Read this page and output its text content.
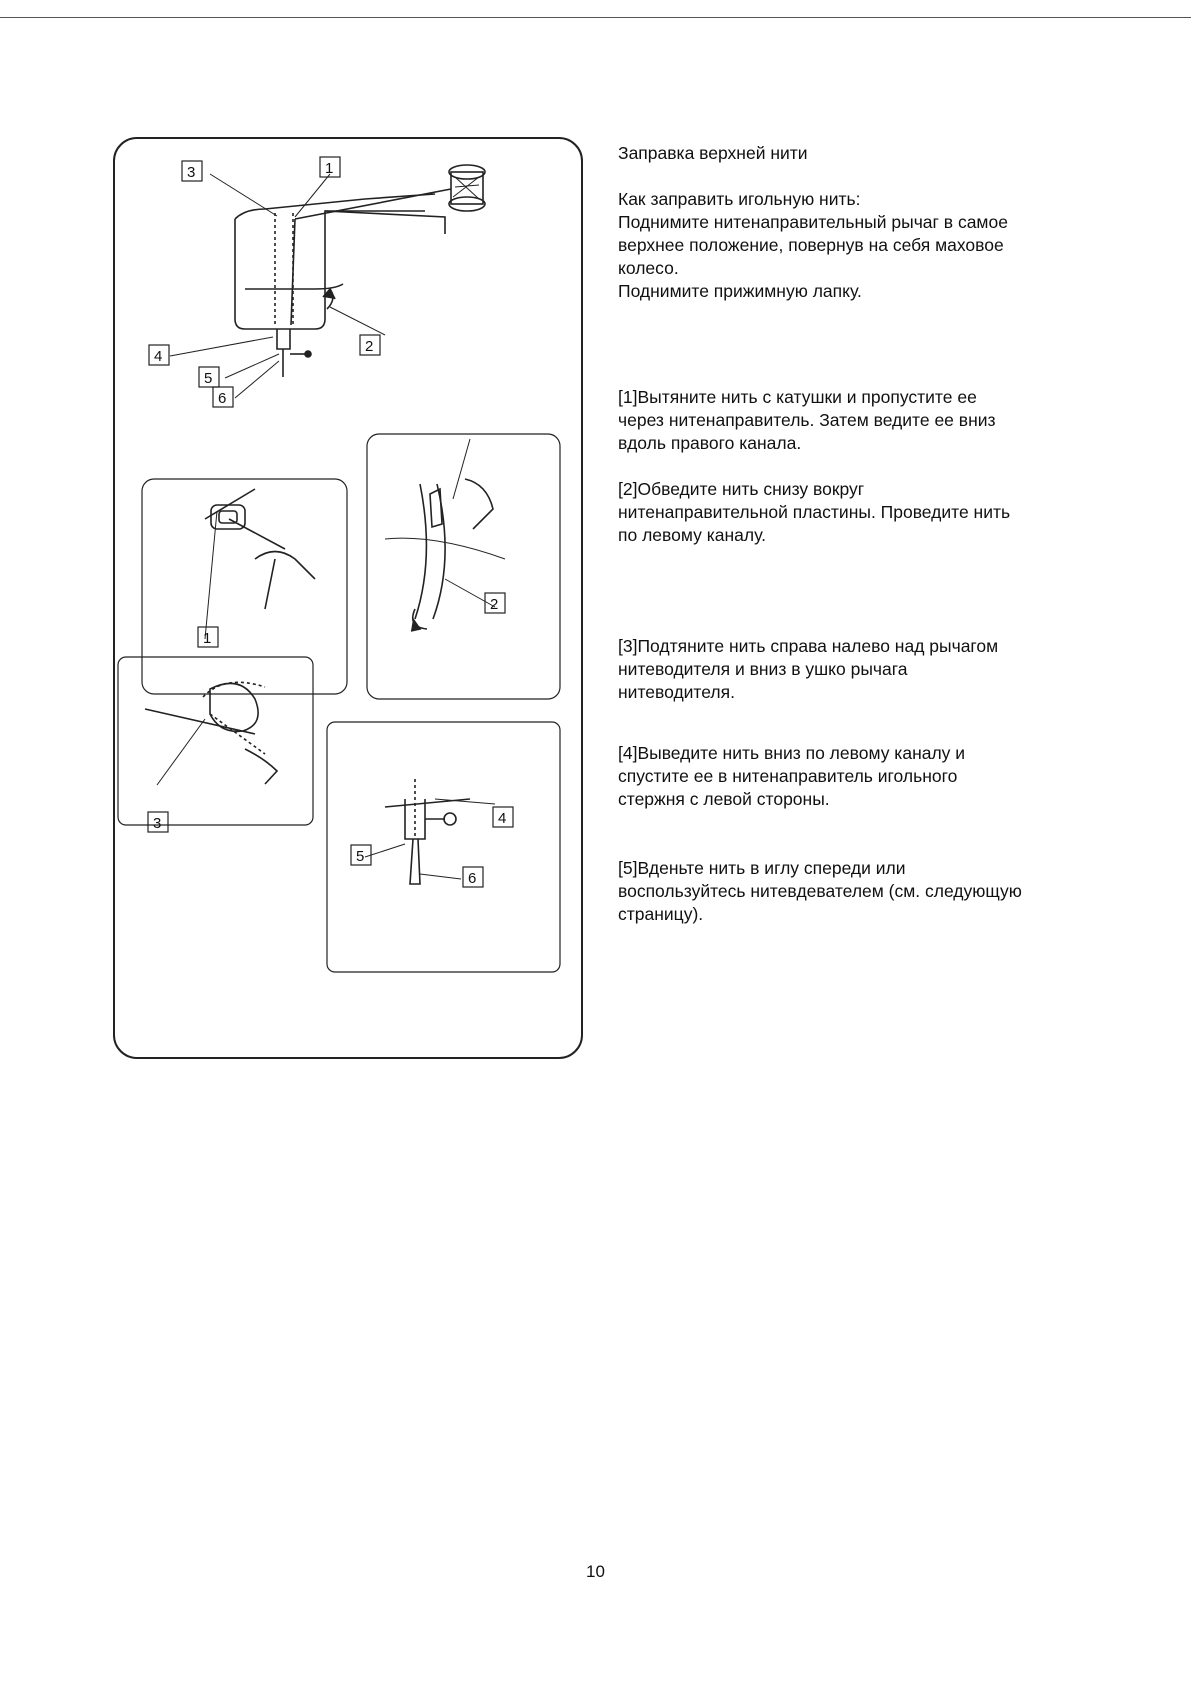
3	1
4
2
5
6
1
2
3	4
5
6

Заправка верхней нити

Как заправить игольную нить:
Поднимите нитенаправительный рычаг в самое
верхнее положение, повернув на себя маховое
колесо.
Поднимите прижимную лапку.

[1]Вытяните нить с катушки и пропустите ее
через нитенаправитель. Затем ведите ее вниз
вдоль правого канала.

[2]Обведите нить снизу вокруг
нитенаправительной пластины. Проведите нить
по левому каналу.

[3]Подтяните нить справа налево над рычагом
нитеводителя и вниз в ушко рычага
нитеводителя.

[4]Выведите нить вниз по левому каналу и
спустите ее в нитенаправитель игольного
стержня с левой стороны.

[5]Вденьте нить в иглу спереди или
воспользуйтесь нитевдевателем (см. следующую
страницу).

10
